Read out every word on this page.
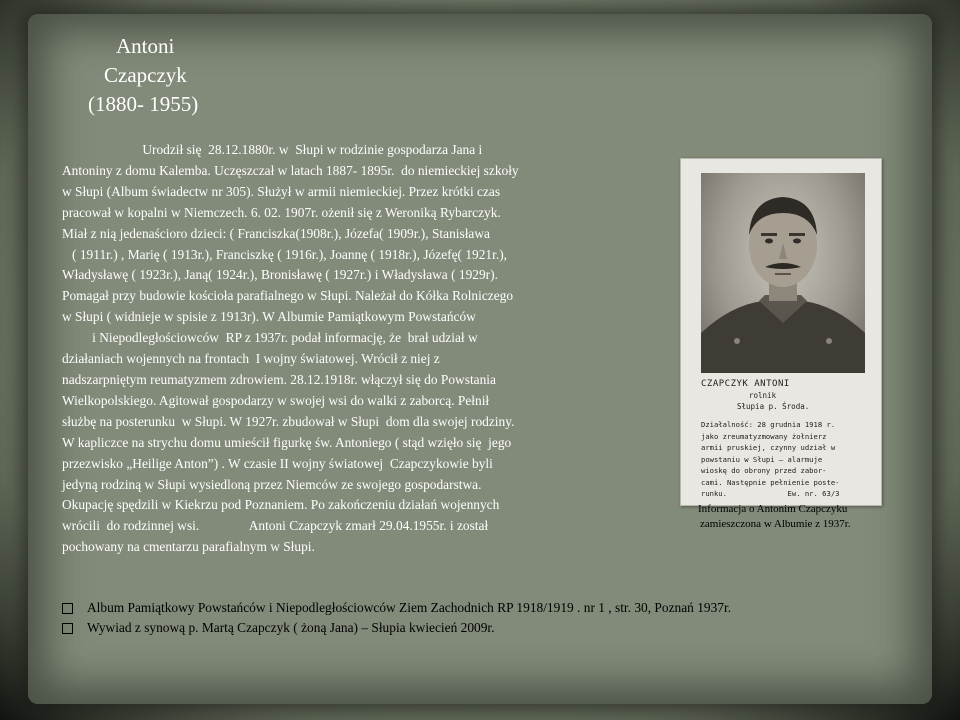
Antoni
Czapczyk
(1880- 1955)
Urodził się  28.12.1880r. w  Słupi w rodzinie gospodarza Jana i
Antoniny z domu Kalemba. Uczęszczał w latach 1887- 1895r.  do niemieckiej szkoły
w Słupi (Album świadectw nr 305). Służył w armii niemieckiej. Przez krótki czas
pracował w kopalni w Niemczech. 6. 02. 1907r. ożenił się z Weroniką Rybarczyk.
Miał z nią jedenaścioro dzieci: ( Franciszka(1908r.), Józefa( 1909r.), Stanisława
( 1911r.) , Marię ( 1913r.), Franciszkę ( 1916r.), Joannę ( 1918r.), Józefę( 1921r.),
Władysławę ( 1923r.), Janą( 1924r.), Bronisławę ( 1927r.) i Władysława ( 1929r).
Pomagał przy budowie kościoła parafialnego w Słupi. Należał do Kółka Rolniczego
w Słupi ( widnieje w spisie z 1913r). W Albumie Pamiątkowym Powstańców
i Niepodległościowców  RP z 1937r. podał informację, że  brał udział w
działaniach wojennych na frontach  I wojny światowej. Wrócił z niej z
nadszarpniętym reumatyzmem zdrowiem. 28.12.1918r. włączył się do Powstania
Wielkopolskiego. Agitował gospodarzy w swojej wsi do walki z zaborcą. Pełnił
służbę na posterunku  w Słupi. W 1927r. zbudował w Słupi  dom dla swojej rodziny.
W kapliczce na strychu domu umieścił figurkę św. Antoniego ( stąd wzięło się  jego
przezwisko „Heilige Anton”) . W czasie II wojny światowej  Czapczykowie byli
jedyną rodziną w Słupi wysiedloną przez Niemców ze swojego gospodarstwa.
Okupację spędzili w Kiekrzu pod Poznaniem. Po zakończeniu działań wojennych
wrócili  do rodzinnej wsi.               Antoni Czapczyk zmarł 29.04.1955r. i został
pochowany na cmentarzu parafialnym w Słupi.
CZAPCZYK ANTONI
rolnik
Słupia p. Środa.
Działalność: 28 grudnia 1918 r.
jako zreumatyzmowany żołnierz
armii pruskiej, czynny udział w
powstaniu w Słupi — alarmuje
wioskę do obrony przed zabor-
cami. Następnie pełnienie poste-
runku.              Ew. nr. 63/3
Informacja o Antonim Czapczyku
zamieszczona w Albumie z 1937r.
Album Pamiątkowy Powstańców i Niepodległościowców Ziem Zachodnich RP 1918/1919 . nr 1 , str. 30, Poznań 1937r.
Wywiad z synową p. Martą Czapczyk ( żoną Jana) – Słupia kwiecień 2009r.
